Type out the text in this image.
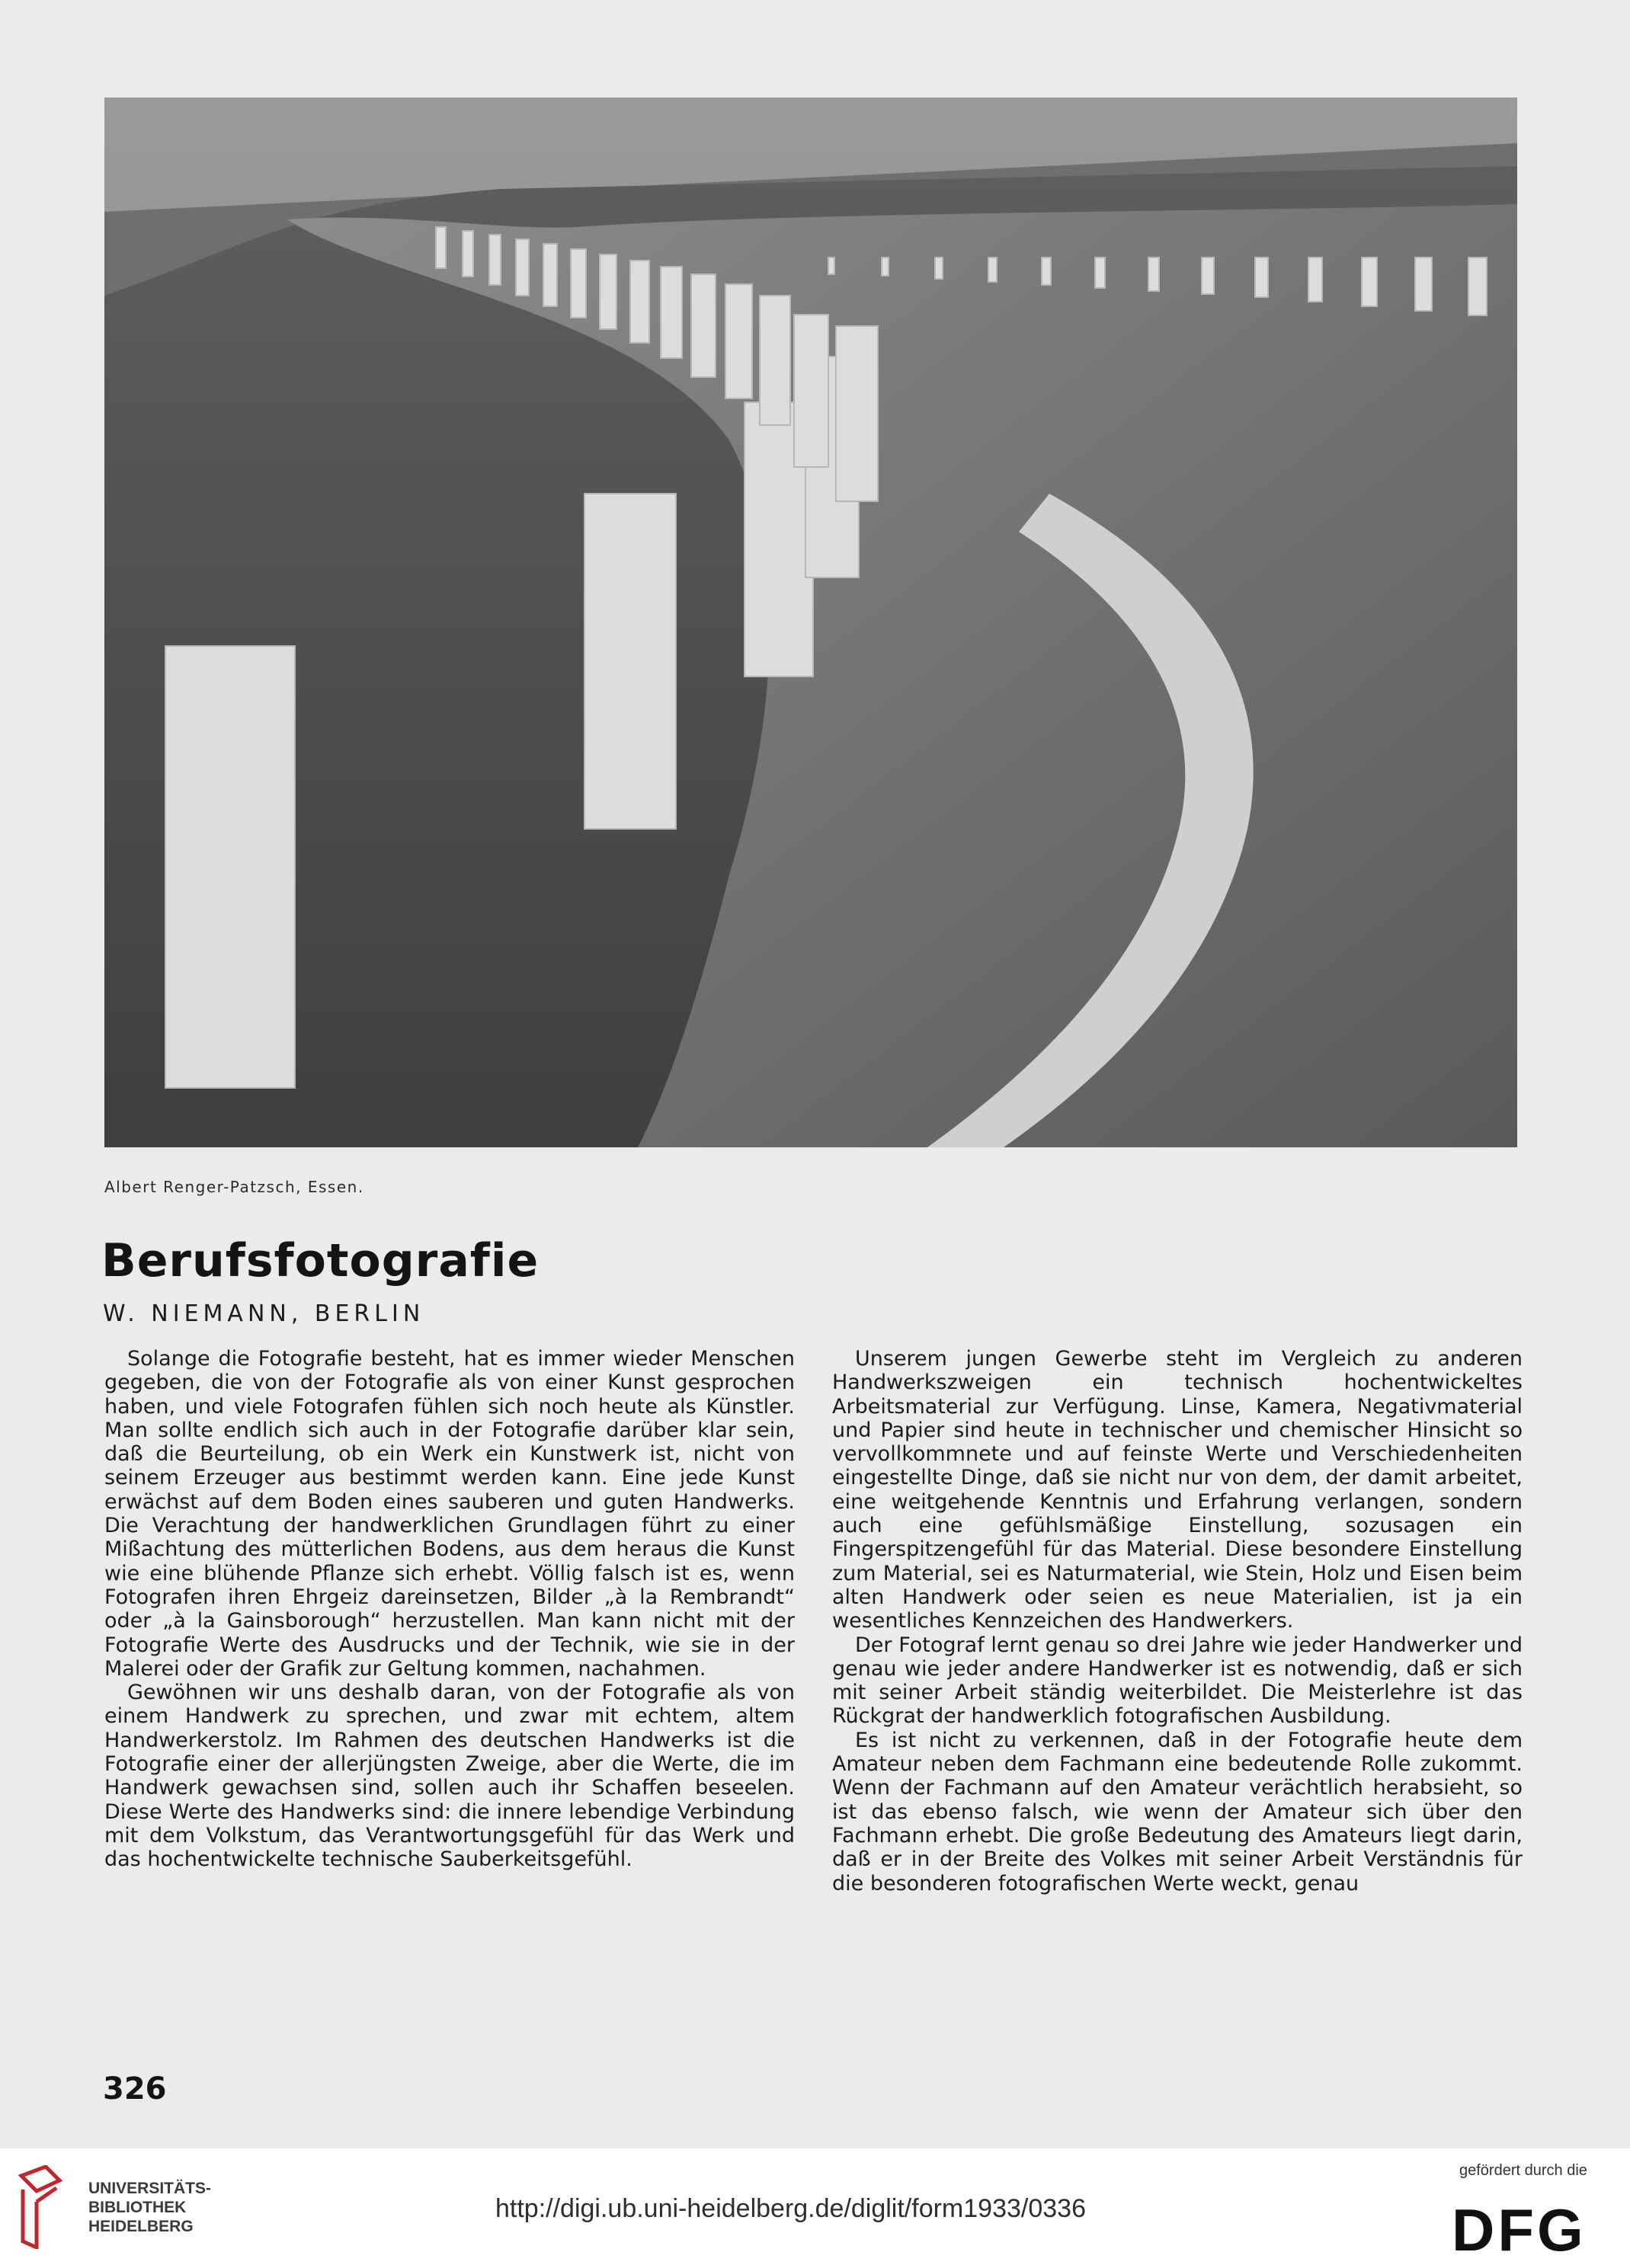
Albert Renger-Patzsch, Essen.
Berufsfotografie
W. NIEMANN, BERLIN

Solange die Fotografie besteht, hat es immer wieder Menschen gegeben, die von der Fotografie als von einer Kunst gesprochen haben, und viele Fotografen fühlen sich noch heute als Künstler. Man sollte endlich sich auch in der Fotografie darüber klar sein, daß die Beurteilung, ob ein Werk ein Kunstwerk ist, nicht von seinem Erzeuger aus bestimmt werden kann. Eine jede Kunst erwächst auf dem Boden eines sauberen und guten Handwerks. Die Verachtung der handwerklichen Grundlagen führt zu einer Mißachtung des mütterlichen Bodens, aus dem heraus die Kunst wie eine blühende Pflanze sich erhebt. Völlig falsch ist es, wenn Fotografen ihren Ehrgeiz dareinsetzen, Bilder „à la Rembrandt“ oder „à la Gainsborough“ herzustellen. Man kann nicht mit der Fotografie Werte des Ausdrucks und der Technik, wie sie in der Malerei oder der Grafik zur Geltung kommen, nachahmen.

Gewöhnen wir uns deshalb daran, von der Fotografie als von einem Handwerk zu sprechen, und zwar mit echtem, altem Handwerkerstolz. Im Rahmen des deutschen Handwerks ist die Fotografie einer der allerjüngsten Zweige, aber die Werte, die im Handwerk gewachsen sind, sollen auch ihr Schaffen beseelen. Diese Werte des Handwerks sind: die innere lebendige Verbindung mit dem Volkstum, das Verantwortungsgefühl für das Werk und das hochentwickelte technische Sauberkeitsgefühl.

Unserem jungen Gewerbe steht im Vergleich zu anderen Handwerkszweigen ein technisch hochentwickeltes Arbeitsmaterial zur Verfügung. Linse, Kamera, Negativmaterial und Papier sind heute in technischer und chemischer Hinsicht so vervollkommnete und auf feinste Werte und Verschiedenheiten eingestellte Dinge, daß sie nicht nur von dem, der damit arbeitet, eine weitgehende Kenntnis und Erfahrung verlangen, sondern auch eine gefühlsmäßige Einstellung, sozusagen ein Fingerspitzengefühl für das Material. Diese besondere Einstellung zum Material, sei es Naturmaterial, wie Stein, Holz und Eisen beim alten Handwerk oder seien es neue Materialien, ist ja ein wesentliches Kennzeichen des Handwerkers.

Der Fotograf lernt genau so drei Jahre wie jeder Handwerker und genau wie jeder andere Handwerker ist es notwendig, daß er sich mit seiner Arbeit ständig weiterbildet. Die Meisterlehre ist das Rückgrat der handwerklich fotografischen Ausbildung.

Es ist nicht zu verkennen, daß in der Fotografie heute dem Amateur neben dem Fachmann eine bedeutende Rolle zukommt. Wenn der Fachmann auf den Amateur verächtlich herabsieht, so ist das ebenso falsch, wie wenn der Amateur sich über den Fachmann erhebt. Die große Bedeutung des Amateurs liegt darin, daß er in der Breite des Volkes mit seiner Arbeit Verständnis für die besonderen fotografischen Werte weckt, genau

326
UNIVERSITÄTS-
BIBLIOTHEK
HEIDELBERG
http://digi.ub.uni-heidelberg.de/diglit/form1933/0336
gefördert durch die
DFG
